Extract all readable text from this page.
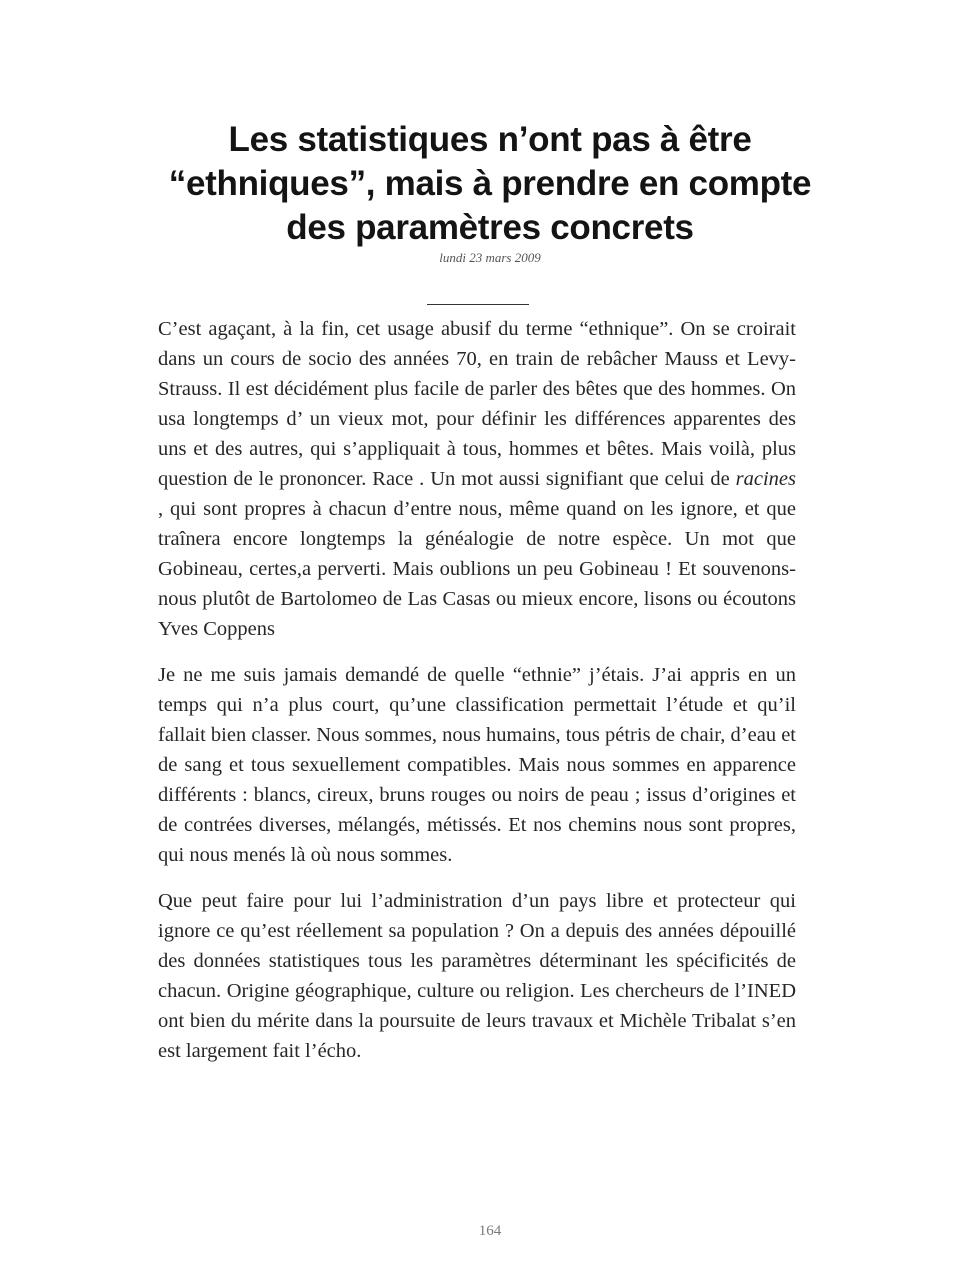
Les statistiques n’ont pas à être
“ethniques”, mais à prendre en compte
des paramètres concrets
lundi 23 mars 2009

C’est agaçant, à la fin, cet usage abusif du terme “ethnique”. On se croirait dans un cours de socio des années 70, en train de rebâcher Mauss et Levy-Strauss. Il est décidément plus facile de parler des bêtes que des hommes. On usa longtemps d’ un vieux mot, pour définir les différences apparentes des uns et des autres, qui s’appliquait à tous, hommes et bêtes. Mais voilà, plus question de le prononcer. Race . Un mot aussi signifiant que celui de racines , qui sont propres à chacun d’entre nous, même quand on les ignore, et que traînera encore longtemps la généalogie de notre espèce. Un mot que Gobineau, certes,a perverti. Mais oublions un peu Gobineau ! Et souvenons-nous plutôt de Bartolomeo de Las Casas ou mieux encore, lisons ou écoutons Yves Coppens

Je ne me suis jamais demandé de quelle “ethnie” j’étais. J’ai appris en un temps qui n’a plus court, qu’une classification permettait l’étude et qu’il fallait bien classer. Nous sommes, nous humains, tous pétris de chair, d’eau et de sang et tous sexuellement compatibles. Mais nous sommes en apparence différents : blancs, cireux, bruns rouges ou noirs de peau ; issus d’origines et de contrées diverses, mélangés, métissés. Et nos chemins nous sont propres, qui nous menés là où nous sommes.

Que peut faire pour lui l’administration d’un pays libre et protecteur qui ignore ce qu’est réellement sa population ? On a depuis des années dépouillé des données statistiques tous les paramètres déterminant les spécificités de chacun. Origine géographique, culture ou religion. Les chercheurs de l’INED ont bien du mérite dans la poursuite de leurs travaux et Michèle Tribalat s’en est largement fait l’écho.

164
